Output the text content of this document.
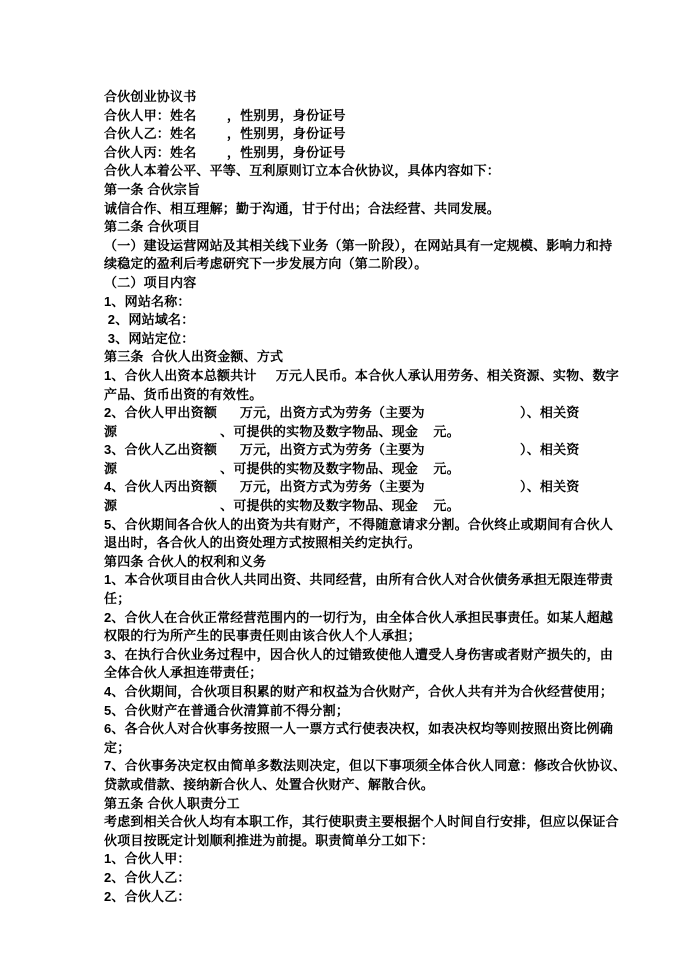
合伙创业协议书
合伙人甲：姓名        ，性别男，身份证号
合伙人乙：姓名        ，性别男，身份证号
合伙人丙：姓名        ，性别男，身份证号
合伙人本着公平、平等、互利原则订立本合伙协议，具体内容如下：
第一条 合伙宗旨
诚信合作、相互理解；勤于沟通，甘于付出；合法经营、共同发展。
第二条 合伙项目
（一）建设运营网站及其相关线下业务（第一阶段），在网站具有一定规模、影响力和持
续稳定的盈利后考虑研究下一步发展方向（第二阶段）。
（二）项目内容
1、网站名称：
2、网站域名：
3、网站定位：
第三条  合伙人出资金额、方式
1、合伙人出资本总额共计     万元人民币。本合伙人承认用劳务、相关资源、实物、数字
产品、货币出资的有效性。
2、合伙人甲出资额      万元，出资方式为劳务（主要为                         ）、相关资
源                           、可提供的实物及数字物品、现金    元。
3、合伙人乙出资额      万元，出资方式为劳务（主要为                         ）、相关资
源                           、可提供的实物及数字物品、现金    元。
4、合伙人丙出资额      万元，出资方式为劳务（主要为                         ）、相关资
源                           、可提供的实物及数字物品、现金    元。
5、合伙期间各合伙人的出资为共有财产，不得随意请求分割。合伙终止或期间有合伙人
退出时，各合伙人的出资处理方式按照相关约定执行。
第四条 合伙人的权利和义务
1、本合伙项目由合伙人共同出资、共同经营，由所有合伙人对合伙债务承担无限连带责
任；
2、合伙人在合伙正常经营范围内的一切行为，由全体合伙人承担民事责任。如某人超越
权限的行为所产生的民事责任则由该合伙人个人承担；
3、在执行合伙业务过程中，因合伙人的过错致使他人遭受人身伤害或者财产损失的，由
全体合伙人承担连带责任；
4、合伙期间，合伙项目积累的财产和权益为合伙财产，合伙人共有并为合伙经营使用；
5、合伙财产在普通合伙清算前不得分割；
6、各合伙人对合伙事务按照一人一票方式行使表决权，如表决权均等则按照出资比例确
定；
7、合伙事务决定权由简单多数法则决定，但以下事项须全体合伙人同意：修改合伙协议、
贷款或借款、接纳新合伙人、处置合伙财产、解散合伙。
第五条 合伙人职责分工
考虑到相关合伙人均有本职工作，其行使职责主要根据个人时间自行安排，但应以保证合
伙项目按既定计划顺利推进为前提。职责简单分工如下：
1、合伙人甲：
2、合伙人乙：
2、合伙人乙：
